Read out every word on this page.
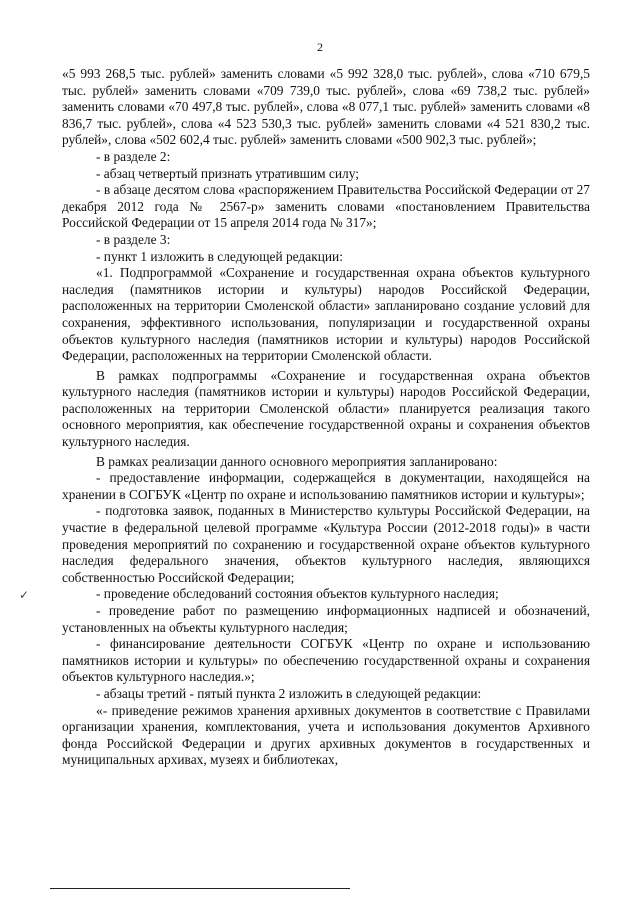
2

«5 993 268,5 тыс. рублей» заменить словами «5 992 328,0 тыс. рублей», слова «710 679,5 тыс. рублей» заменить словами «709 739,0 тыс. рублей», слова «69 738,2 тыс. рублей» заменить словами «70 497,8 тыс. рублей», слова «8 077,1 тыс. рублей» заменить словами «8 836,7 тыс. рублей», слова «4 523 530,3 тыс. рублей» заменить словами «4 521 830,2 тыс. рублей», слова «502 602,4 тыс. рублей» заменить словами «500 902,3 тыс. рублей»;

- в разделе 2:

- абзац четвертый признать утратившим силу;

- в абзаце десятом слова «распоряжением Правительства Российской Федерации от 27 декабря 2012 года № 2567-р» заменить словами «постановлением Правительства Российской Федерации от 15 апреля 2014 года № 317»;

- в разделе 3:

- пункт 1 изложить в следующей редакции:

«1. Подпрограммой «Сохранение и государственная охрана объектов культурного наследия (памятников истории и культуры) народов Российской Федерации, расположенных на территории Смоленской области» запланировано создание условий для сохранения, эффективного использования, популяризации и государственной охраны объектов культурного наследия (памятников истории и культуры) народов Российской Федерации, расположенных на территории Смоленской области.

В рамках подпрограммы «Сохранение и государственная охрана объектов культурного наследия (памятников истории и культуры) народов Российской Федерации, расположенных на территории Смоленской области» планируется реализация такого основного мероприятия, как обеспечение государственной охраны и сохранения объектов культурного наследия.

В рамках реализации данного основного мероприятия запланировано:

- предоставление информации, содержащейся в документации, находящейся на хранении в СОГБУК «Центр по охране и использованию памятников истории и культуры»;

- подготовка заявок, поданных в Министерство культуры Российской Федерации, на участие в федеральной целевой программе «Культура России (2012-2018 годы)» в части проведения мероприятий по сохранению и государственной охране объектов культурного наследия федерального значения, объектов культурного наследия, являющихся собственностью Российской Федерации;

- проведение обследований состояния объектов культурного наследия;

- проведение работ по размещению информационных надписей и обозначений, установленных на объекты культурного наследия;

- финансирование деятельности СОГБУК «Центр по охране и использованию памятников истории и культуры» по обеспечению государственной охраны и сохранения объектов культурного наследия.»;

- абзацы третий - пятый пункта 2 изложить в следующей редакции:

«- приведение режимов хранения архивных документов в соответствие с Правилами организации хранения, комплектования, учета и использования документов Архивного фонда Российской Федерации и других архивных документов в государственных и муниципальных архивах, музеях и библиотеках,

✓
